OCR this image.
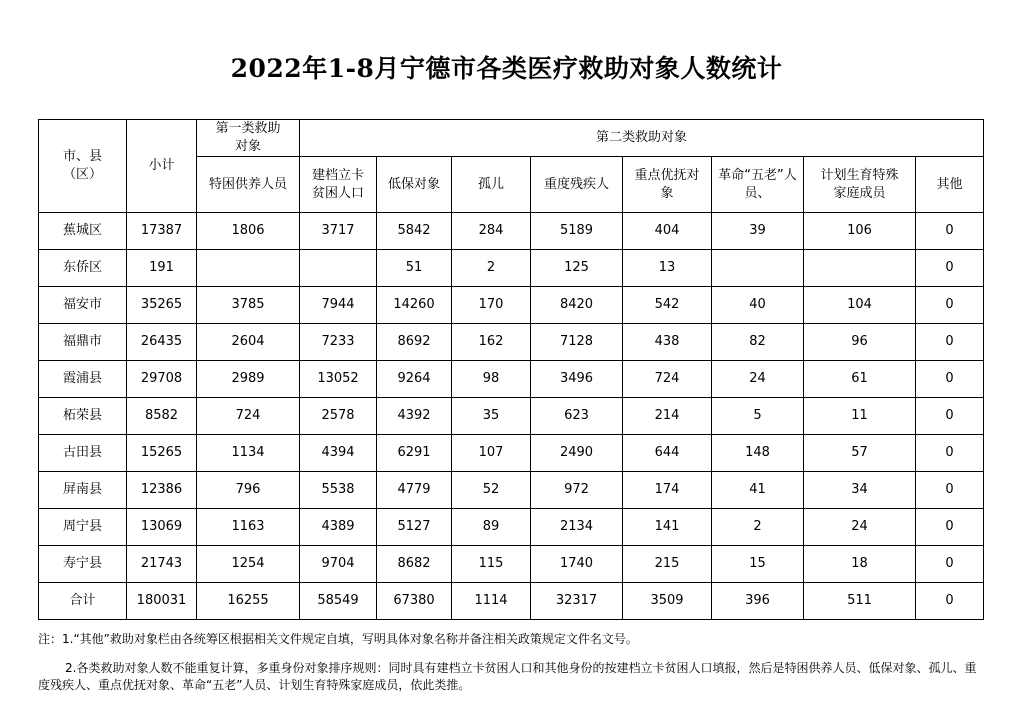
2022年1-8月宁德市各类医疗救助对象人数统计
市、县（区）	小计	第一类救助对象	第二类救助对象							
		特困供养人员	建档立卡贫困人口	低保对象	孤儿	重度残疾人	重点优抚对象	革命“五老”人员、	计划生育特殊家庭成员	其他
蕉城区	17387	1806	3717	5842	284	5189	404	39	106	0
东侨区	191			51	2	125	13			0
福安市	35265	3785	7944	14260	170	8420	542	40	104	0
福鼎市	26435	2604	7233	8692	162	7128	438	82	96	0
霞浦县	29708	2989	13052	9264	98	3496	724	24	61	0
柘荣县	8582	724	2578	4392	35	623	214	5	11	0
古田县	15265	1134	4394	6291	107	2490	644	148	57	0
屏南县	12386	796	5538	4779	52	972	174	41	34	0
周宁县	13069	1163	4389	5127	89	2134	141	2	24	0
寿宁县	21743	1254	9704	8682	115	1740	215	15	18	0
合计	180031	16255	58549	67380	1114	32317	3509	396	511	0
注：1.“其他”救助对象栏由各统筹区根据相关文件规定自填，写明具体对象名称并备注相关政策规定文件名文号。
2.各类救助对象人数不能重复计算，多重身份对象排序规则：同时具有建档立卡贫困人口和其他身份的按建档立卡贫困人口填报，然后是特困供养人员、低保对象、孤儿、重度残疾人、重点优抚对象、革命“五老”人员、计划生育特殊家庭成员，依此类推。
